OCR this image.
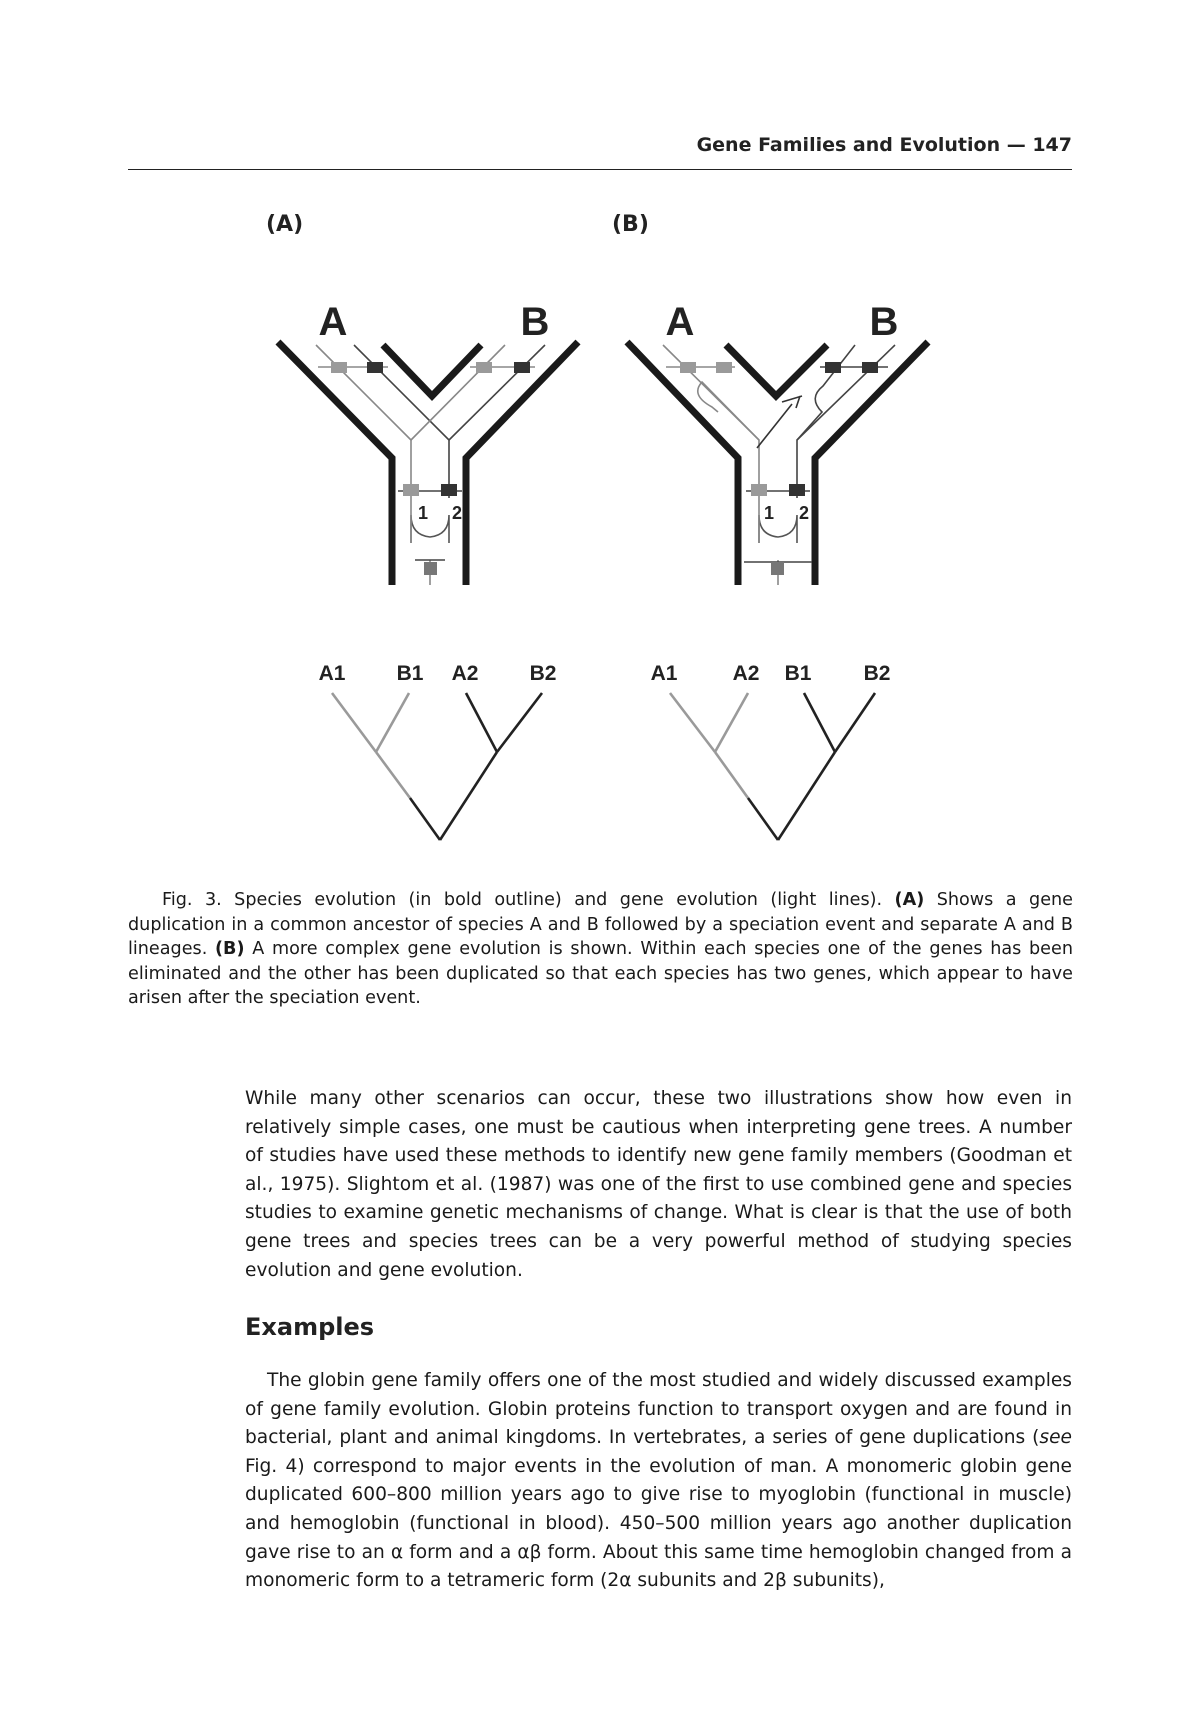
Gene Families and Evolution — 147
(A)	(B)
A	B
1 2
A1 B1 A2 B2
A	B
1 2
A1	A2 B1 B2

Fig. 3. Species evolution (in bold outline) and gene evolution (light lines). (A) Shows a gene duplication in a common ancestor of species A and B followed by a speciation event and separate A and B lineages. (B) A more complex gene evolution is shown. Within each species one of the genes has been eliminated and the other has been duplicated so that each species has two genes, which appear to have arisen after the speciation event.

While many other scenarios can occur, these two illustrations show how even in relatively simple cases, one must be cautious when interpreting gene trees. A number of studies have used these methods to identify new gene family members (Goodman et al., 1975). Slightom et al. (1987) was one of the first to use combined gene and species studies to examine genetic mechanisms of change. What is clear is that the use of both gene trees and species trees can be a very powerful method of studying species evolution and gene evolution.

Examples

The globin gene family offers one of the most studied and widely discussed examples of gene family evolution. Globin proteins function to transport oxygen and are found in bacterial, plant and animal kingdoms. In vertebrates, a series of gene duplications (see Fig. 4) correspond to major events in the evolution of man. A monomeric globin gene duplicated 600–800 million years ago to give rise to myoglobin (functional in muscle) and hemoglobin (functional in blood). 450–500 million years ago another duplication gave rise to an α form and a αβ form. About this same time hemoglobin changed from a monomeric form to a tetrameric form (2α subunits and 2β subunits),
